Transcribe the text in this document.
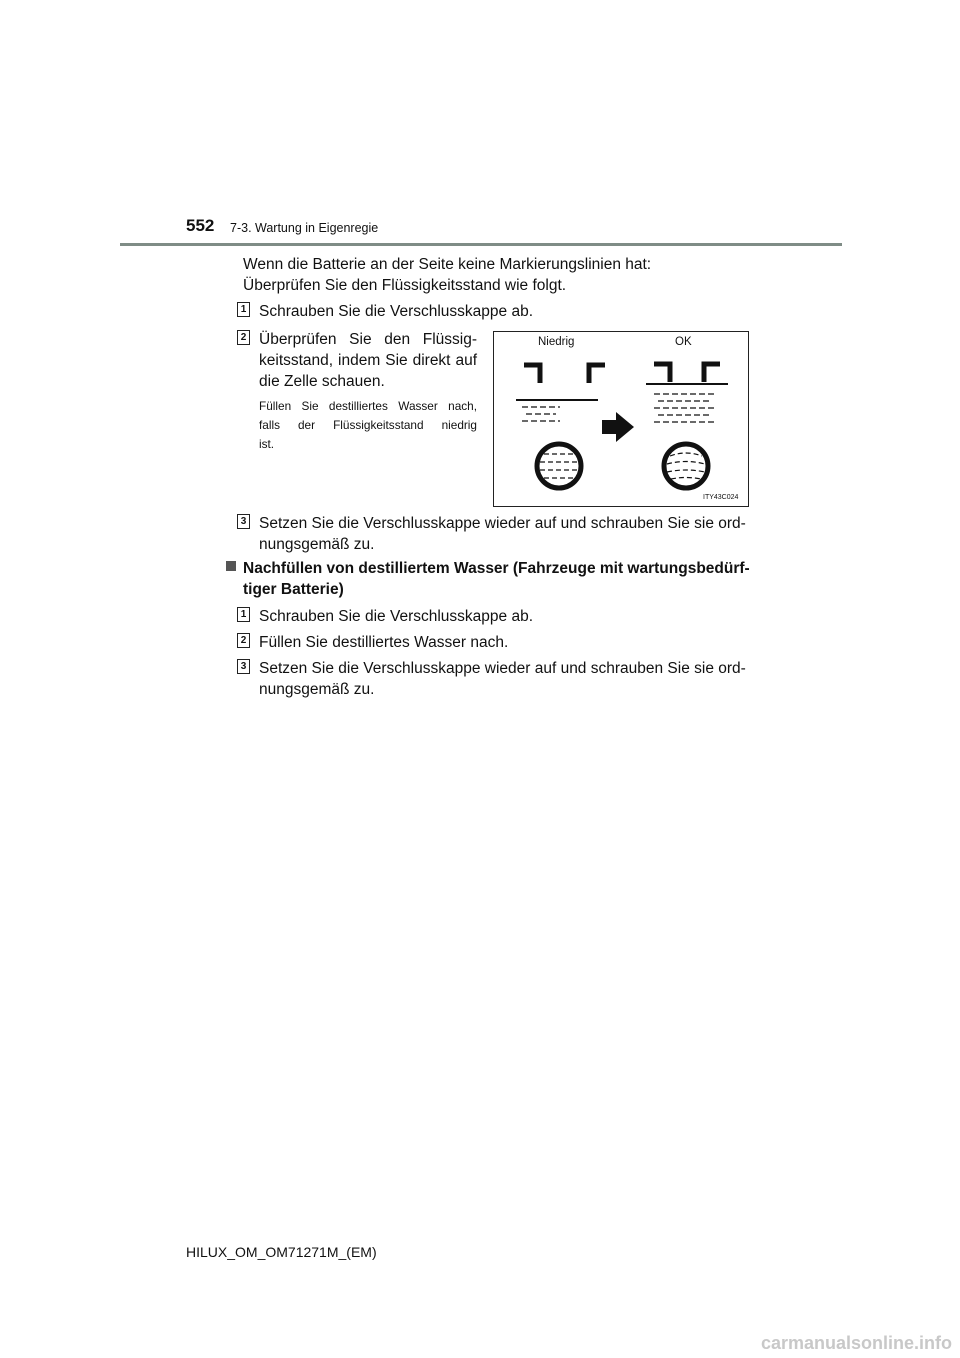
552 7-3. Wartung in Eigenregie
Wenn die Batterie an der Seite keine Markierungslinien hat:
Überprüfen Sie den Flüssigkeitsstand wie folgt.
1 Schrauben Sie die Verschlusskappe ab.
2 Überprüfen Sie den Flüssig-
keitsstand, indem Sie direkt auf
die Zelle schauen.
Füllen Sie destilliertes Wasser nach,
falls der Flüssigkeitsstand niedrig
ist.
Niedrig	OK
ITY43C024
3 Setzen Sie die Verschlusskappe wieder auf und schrauben Sie sie ord-
nungsgemäß zu.
Nachfüllen von destilliertem Wasser (Fahrzeuge mit wartungsbedürf-
tiger Batterie)
1 Schrauben Sie die Verschlusskappe ab.
2 Füllen Sie destilliertes Wasser nach.
3 Setzen Sie die Verschlusskappe wieder auf und schrauben Sie sie ord-
nungsgemäß zu.
HILUX_OM_OM71271M_(EM)
carmanualsonline.info
